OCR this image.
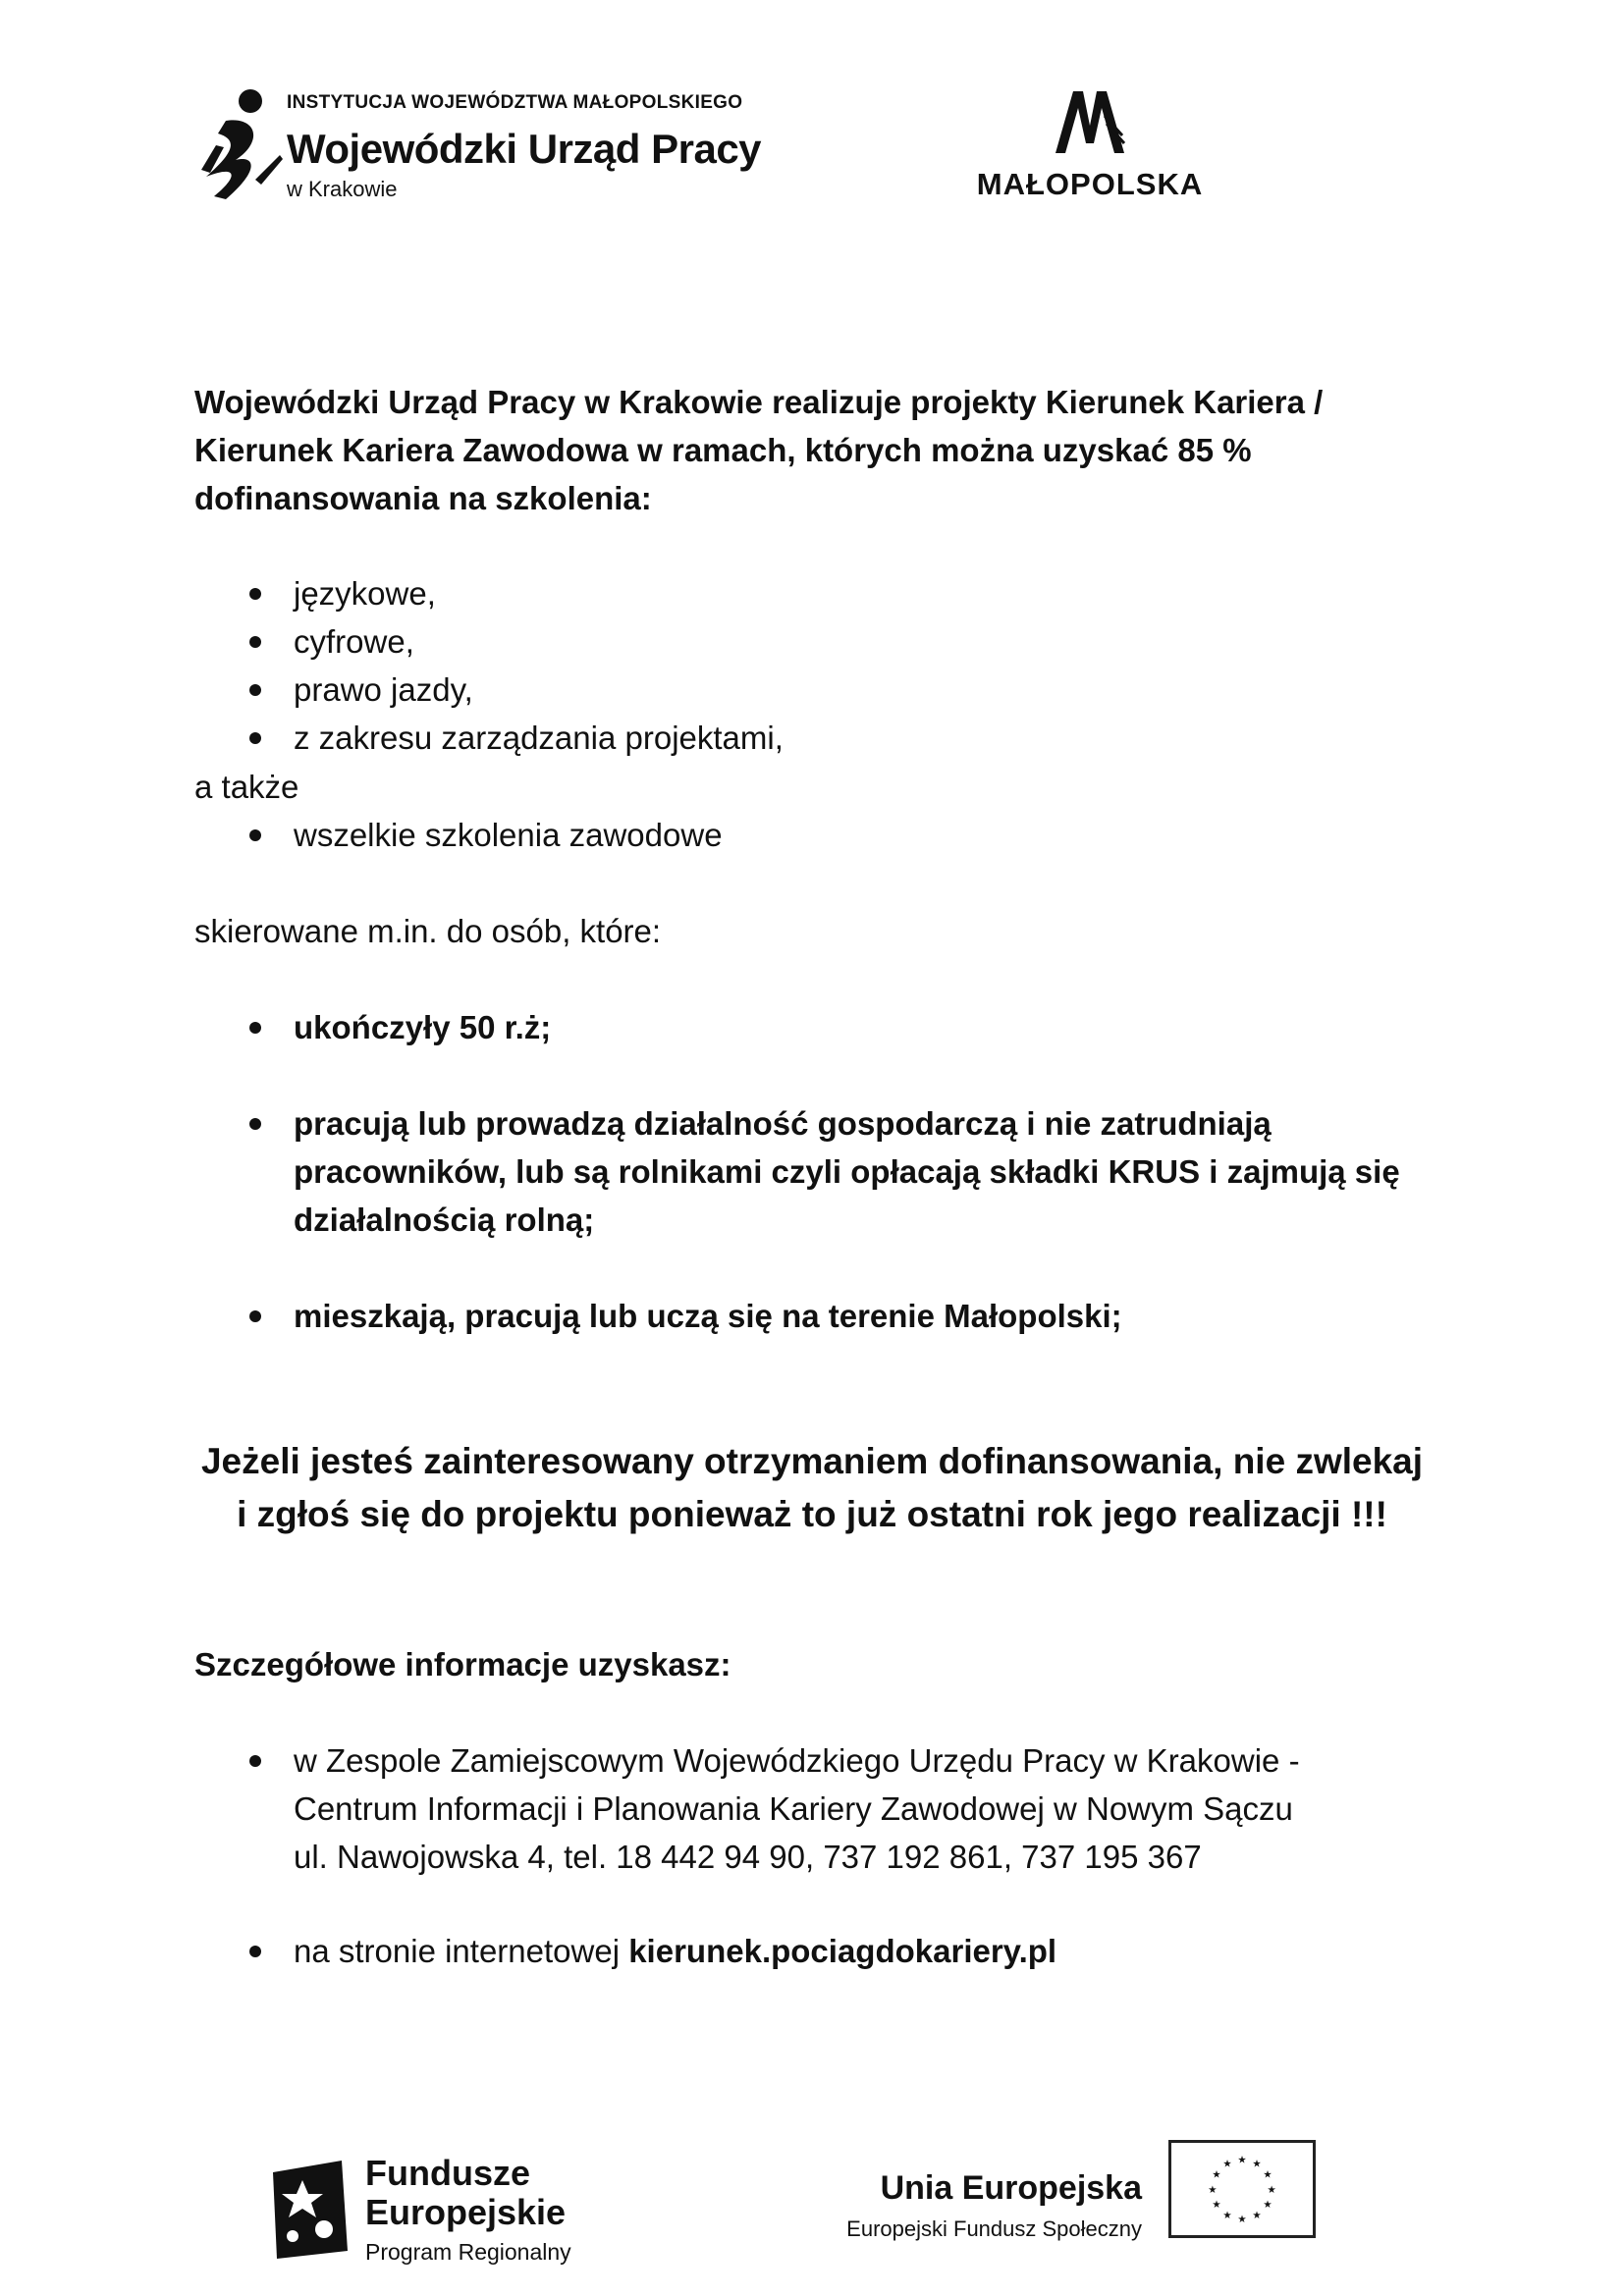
INSTYTUCJA WOJEWÓDZTWA MAŁOPOLSKIEGO
Wojewódzki Urząd Pracy
w Krakowie	MAŁOPOLSKA
Wojewódzki Urząd Pracy w Krakowie realizuje projekty Kierunek Kariera /
Kierunek Kariera Zawodowa w ramach, których można uzyskać 85 %
dofinansowania na szkolenia:
językowe,
cyfrowe,
prawo jazdy,
z zakresu zarządzania projektami,
a także
wszelkie szkolenia zawodowe
skierowane m.in. do osób, które:
ukończyły 50 r.ż;
pracują lub prowadzą działalność gospodarczą i nie zatrudniają
pracowników, lub są rolnikami czyli opłacają składki KRUS i zajmują się
działalnością rolną;
mieszkają, pracują lub uczą się na terenie Małopolski;
Jeżeli jesteś zainteresowany otrzymaniem dofinansowania, nie zwlekaj
i zgłoś się do projektu ponieważ to już ostatni rok jego realizacji !!!
Szczegółowe informacje uzyskasz:
w Zespole Zamiejscowym Wojewódzkiego Urzędu Pracy w Krakowie -
Centrum Informacji i Planowania Kariery Zawodowej w Nowym Sączu
ul. Nawojowska 4, tel. 18 442 94 90, 737 192 861, 737 195 367
na stronie internetowej kierunek.pociagdokariery.pl
Fundusze
Europejskie
Program Regionalny
Unia Europejska
Europejski Fundusz Społeczny
★
★
★
★
★
★
★
★
★ ★ ★
★
